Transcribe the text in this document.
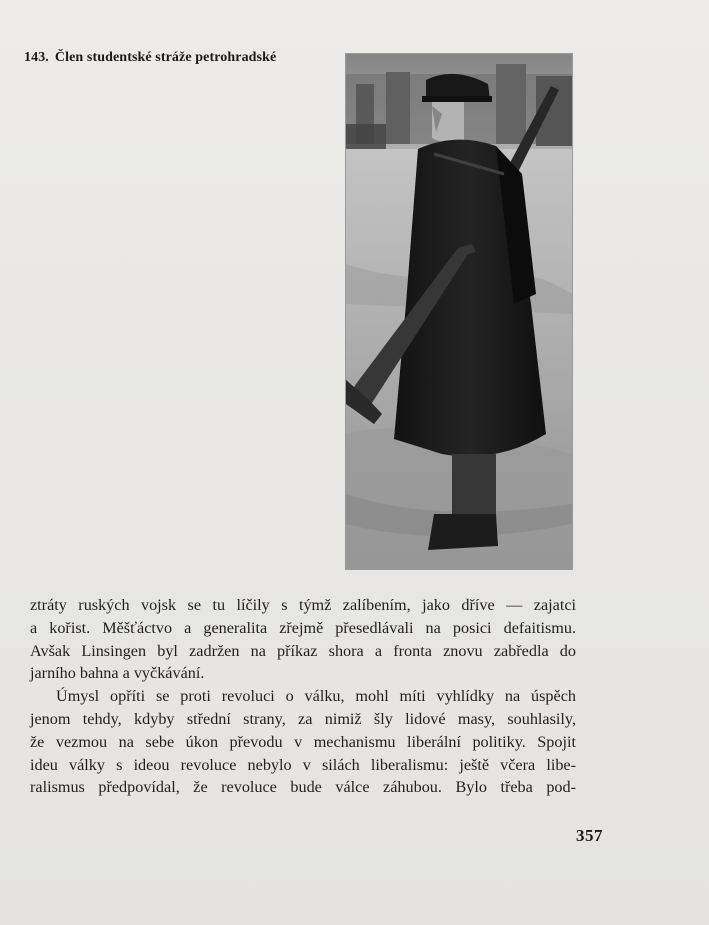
143. Člen studentské stráže petrohradské

ztráty ruských vojsk se tu líčily s týmž zalíbením, jako dříve — zajatci
a kořist. Měšťáctvo a generalita zřejmě přesedlávali na posici defaitismu.
Avšak Linsingen byl zadržen na příkaz shora a fronta znovu zabředla do
jarního bahna a vyčkávání.

Úmysl opříti se proti revoluci o válku, mohl míti vyhlídky na úspěch
jenom tehdy, kdyby střední strany, za nimiž šly lidové masy, souhlasily,
že vezmou na sebe úkon převodu v mechanismu liberální politiky. Spojit
ideu války s ideou revoluce nebylo v silách liberalismu: ještě včera libe-
ralismus předpovídal, že revoluce bude válce záhubou. Bylo třeba pod-

357
